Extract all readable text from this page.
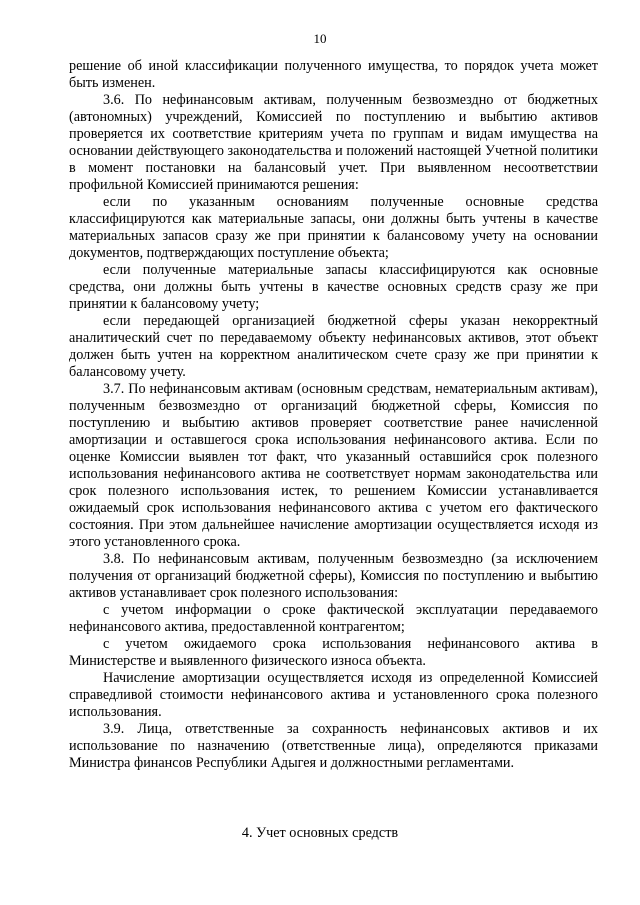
10

решение об иной классификации полученного имущества, то порядок учета может быть изменен.

3.6. По нефинансовым активам, полученным безвозмездно от бюджетных (автономных) учреждений, Комиссией по поступлению и выбытию активов проверяется их соответствие критериям учета по группам и видам имущества на основании действующего законодательства и положений настоящей Учетной политики в момент постановки на балансовый учет. При выявленном несоответствии профильной Комиссией принимаются решения:

если по указанным основаниям полученные основные средства классифицируются как материальные запасы, они должны быть учтены в качестве материальных запасов сразу же при принятии к балансовому учету на основании документов, подтверждающих поступление объекта;

если полученные материальные запасы классифицируются как основные средства, они должны быть учтены в качестве основных средств сразу же при принятии к балансовому учету;

если передающей организацией бюджетной сферы указан некорректный аналитический счет по передаваемому объекту нефинансовых активов, этот объект должен быть учтен на корректном аналитическом счете сразу же при принятии к балансовому учету.

3.7. По нефинансовым активам (основным средствам, нематериальным активам), полученным безвозмездно от организаций бюджетной сферы, Комиссия по поступлению и выбытию активов проверяет соответствие ранее начисленной амортизации и оставшегося срока использования нефинансового актива. Если по оценке Комиссии выявлен тот факт, что указанный оставшийся срок полезного использования нефинансового актива не соответствует нормам законодательства или срок полезного использования истек, то решением Комиссии устанавливается ожидаемый срок использования нефинансового актива с учетом его фактического состояния. При этом дальнейшее начисление амортизации осуществляется исходя из этого установленного срока.

3.8. По нефинансовым активам, полученным безвозмездно (за исключением получения от организаций бюджетной сферы), Комиссия по поступлению и выбытию активов устанавливает срок полезного использования:

с учетом информации о сроке фактической эксплуатации передаваемого нефинансового актива, предоставленной контрагентом;

с учетом ожидаемого срока использования нефинансового актива в Министерстве и выявленного физического износа объекта.

Начисление амортизации осуществляется исходя из определенной Комиссией справедливой стоимости нефинансового актива и установленного срока полезного использования.

3.9. Лица, ответственные за сохранность нефинансовых активов и их использование по назначению (ответственные лица), определяются приказами Министра финансов Республики Адыгея и должностными регламентами.

4. Учет основных средств
